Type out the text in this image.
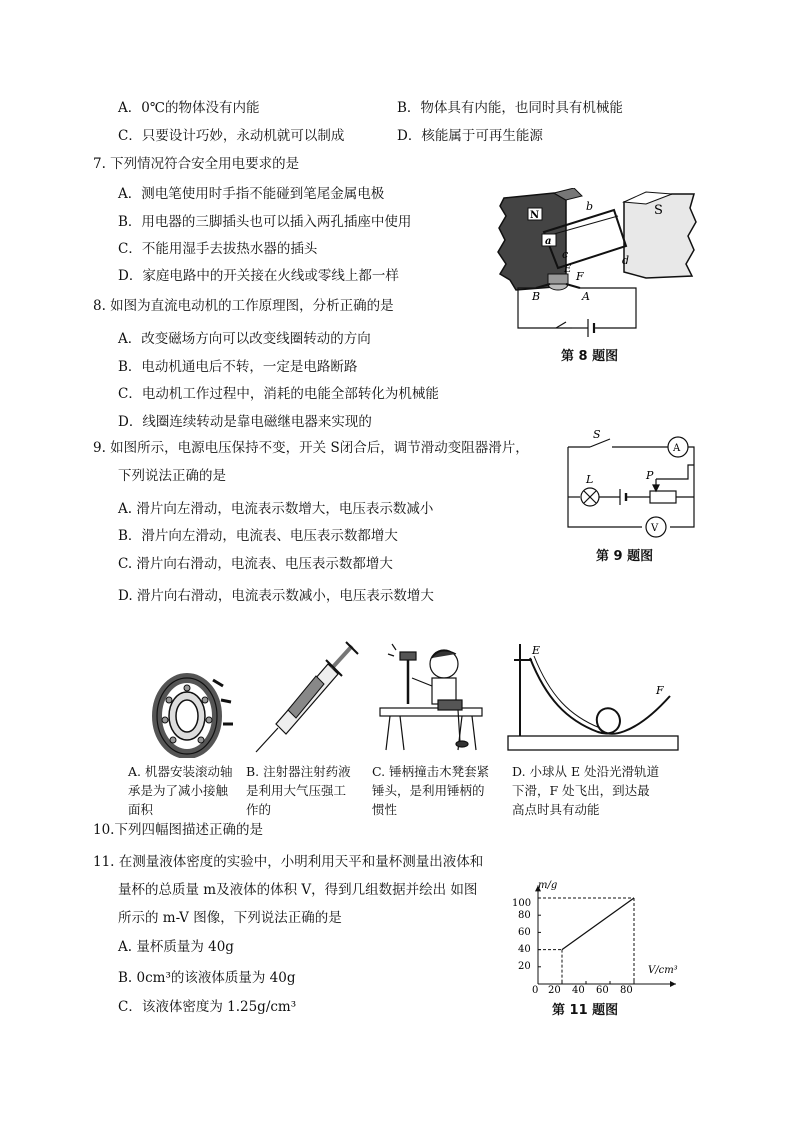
A．0℃的物体没有内能	B．物体具有内能，也同时具有机械能
C．只要设计巧妙，永动机就可以制成	D．核能属于可再生能源
7. 下列情况符合安全用电要求的是
A．测电笔使用时手指不能碰到笔尾金属电极
B．用电器的三脚插头也可以插入两孔插座中使用
C．不能用湿手去拔热水器的插头
D．家庭电路中的开关接在火线或零线上都一样
8. 如图为直流电动机的工作原理图，分析正确的是
A．改变磁场方向可以改变线圈转动的方向
B．电动机通电后不转，一定是电路断路
C．电动机工作过程中，消耗的电能全部转化为机械能
D．线圈连续转动是靠电磁继电器来实现的
N
a
b
c	d
S
E
F
A
B
第 8 题图
9. 如图所示，电源电压保持不变，开关 S闭合后，调节滑动变阻器滑片，
下列说法正确的是
A. 滑片向左滑动，电流表示数增大，电压表示数减小
B．滑片向左滑动，电流表、电压表示数都增大
C. 滑片向右滑动，电流表、电压表示数都增大
D. 滑片向右滑动，电流表示数减小，电压表示数增大
S
A
L	P
V
第 9 题图
E
F
A. 机器安装滚动轴承是为了减小接触面积
B. 注射器注射药液是利用大气压强工作的
C. 锤柄撞击木凳套紧锤头，是利用锤柄的惯性
D. 小球从 E 处沿光滑轨道下滑，F 处飞出，到达最高点时具有动能
10.下列四幅图描述正确的是
11. 在测量液体密度的实验中，小明利用天平和量杯测量出液体和
量杯的总质量 m及液体的体积 V，得到几组数据并绘出 如图
所示的 m-V 图像，下列说法正确的是
A. 量杯质量为 40g
B. 0cm³的该液体质量为 40g
C．该液体密度为 1.25g/cm³
m/g
V/cm³
0 20 40 60 80
20
40
60
80
100
第 11 题图
